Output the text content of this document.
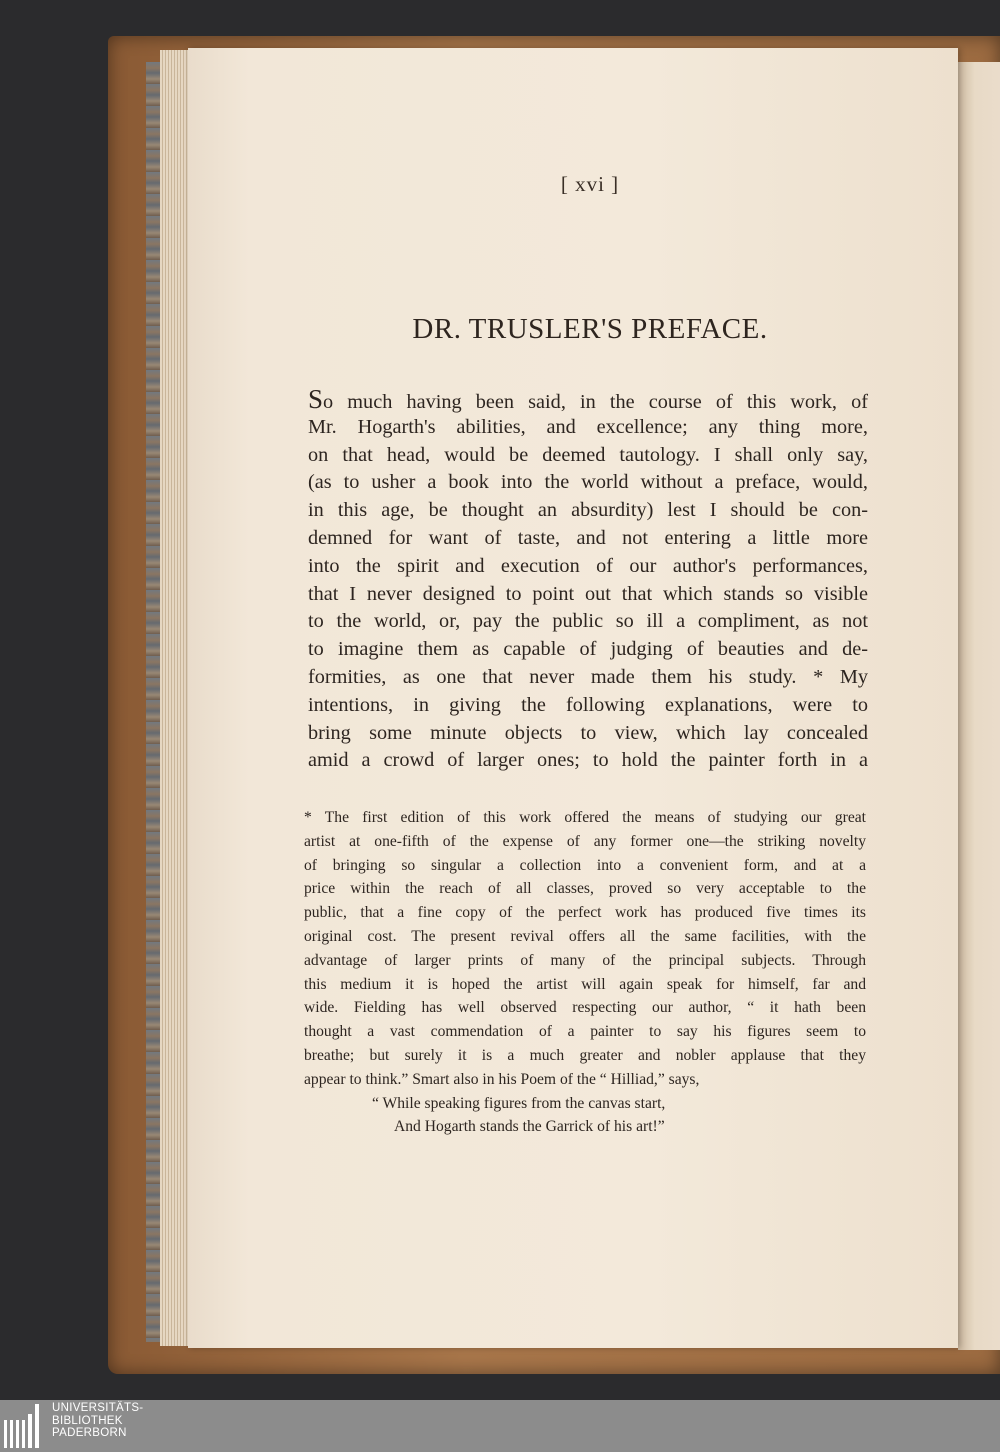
[ xvi ]
DR. TRUSLER'S PREFACE.
So much having been said, in the course of this work, of
Mr. Hogarth's abilities, and excellence; any thing more,
on that head, would be deemed tautology. I shall only say,
(as to usher a book into the world without a preface, would,
in this age, be thought an absurdity) lest I should be con-
demned for want of taste, and not entering a little more
into the spirit and execution of our author's performances,
that I never designed to point out that which stands so visible
to the world, or, pay the public so ill a compliment, as not
to imagine them as capable of judging of beauties and de-
formities, as one that never made them his study. * My
intentions, in giving the following explanations, were to
bring some minute objects to view, which lay concealed
amid a crowd of larger ones; to hold the painter forth in a
* The first edition of this work offered the means of studying our great
artist at one-fifth of the expense of any former one—the striking novelty
of bringing so singular a collection into a convenient form, and at a
price within the reach of all classes, proved so very acceptable to the
public, that a fine copy of the perfect work has produced five times its
original cost. The present revival offers all the same facilities, with the
advantage of larger prints of many of the principal subjects. Through
this medium it is hoped the artist will again speak for himself, far and
wide. Fielding has well observed respecting our author, “ it hath been
thought a vast commendation of a painter to say his figures seem to
breathe; but surely it is a much greater and nobler applause that they
appear to think.” Smart also in his Poem of the “ Hilliad,” says,
“ While speaking figures from the canvas start,
And Hogarth stands the Garrick of his art!”
UNIVERSITÄTS-
BIBLIOTHEK
PADERBORN
